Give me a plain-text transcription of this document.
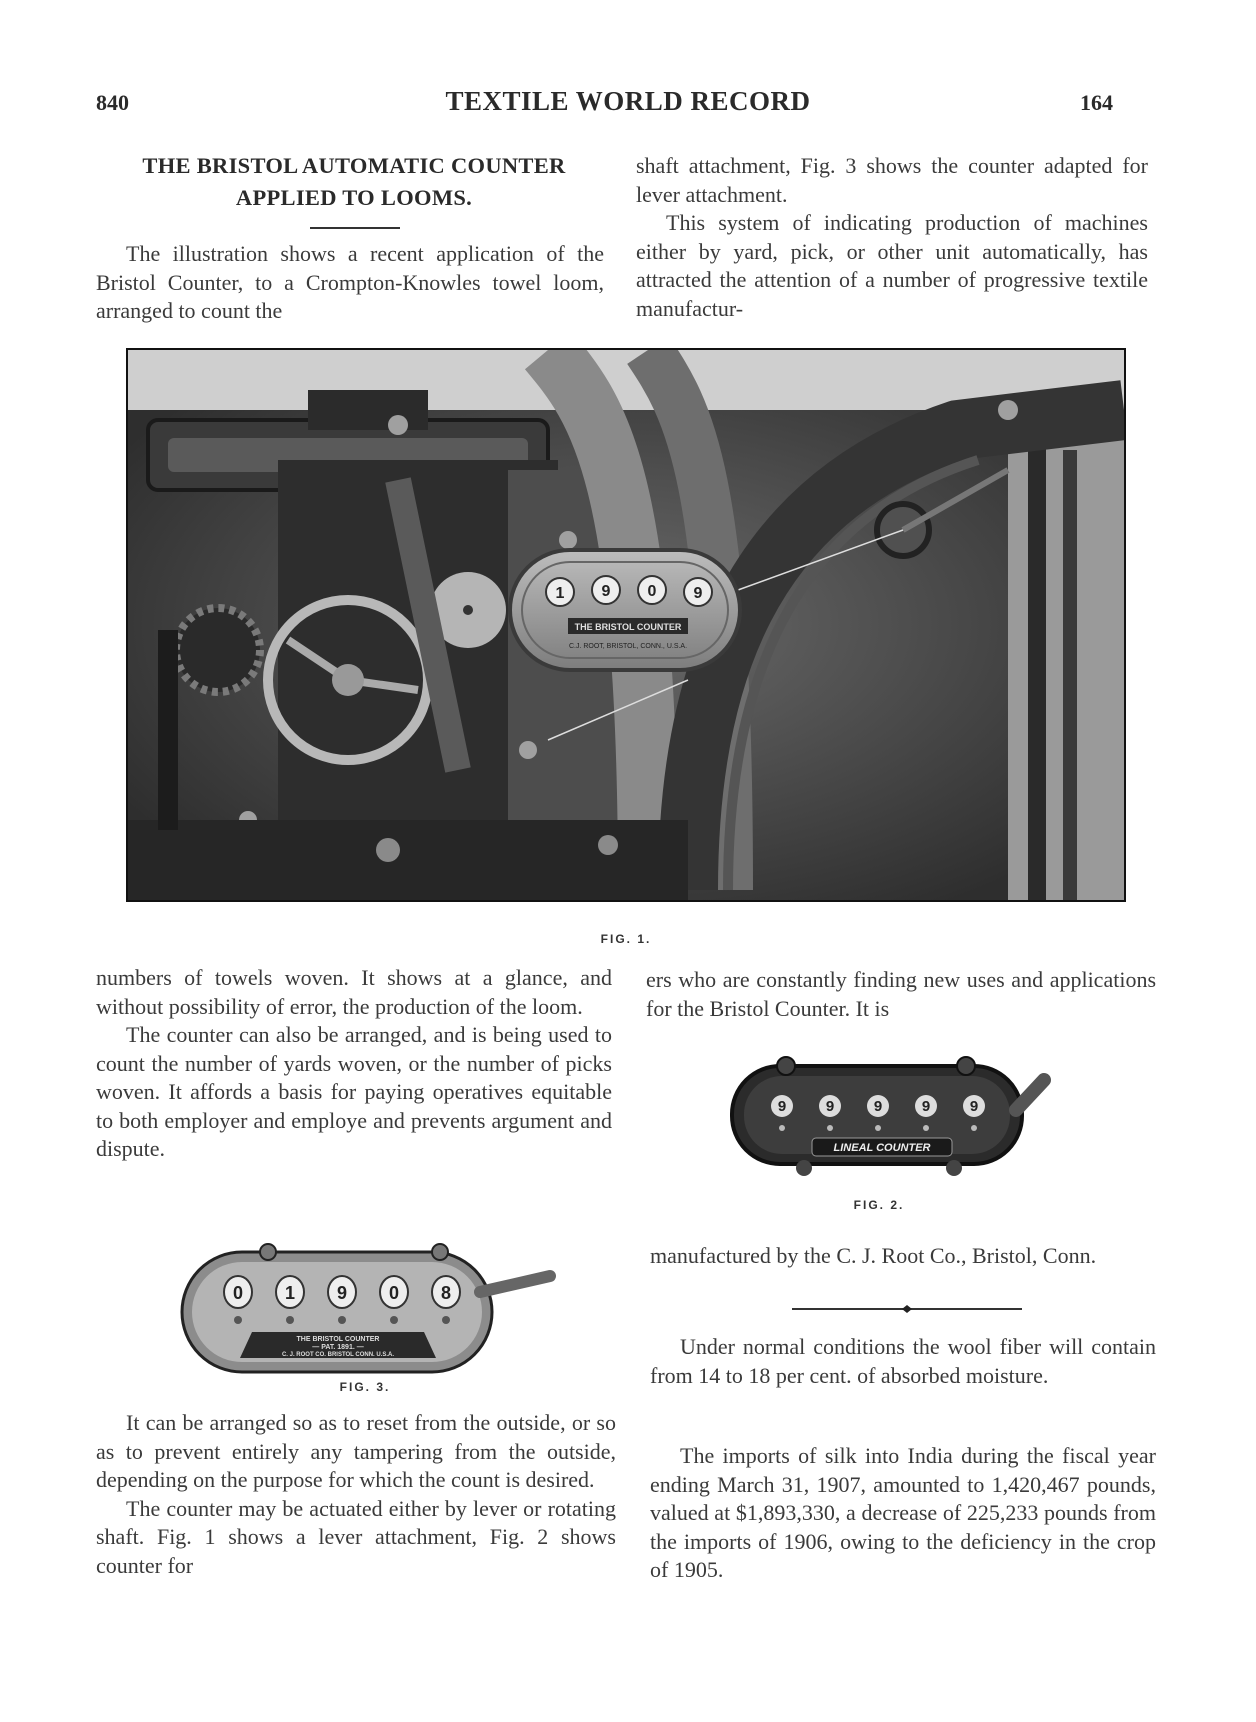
840	TEXTILE WORLD RECORD	164
THE BRISTOL AUTOMATIC COUNTER
APPLIED TO LOOMS.

The illustration shows a recent application of the Bristol Counter, to a Crompton-Knowles towel loom, arranged to count the

shaft attachment, Fig. 3 shows the counter adapted for lever attachment.

This system of indicating production of machines either by yard, pick, or other unit automatically, has attracted the attention of a number of progressive textile manufactur-

1 9 0 9
THE BRISTOL COUNTER
C.J. ROOT, BRISTOL, CONN., U.S.A.
FIG. 1.

numbers of towels woven. It shows at a glance, and without possibility of error, the production of the loom.

The counter can also be arranged, and is being used to count the number of yards woven, or the number of picks woven. It affords a basis for paying operatives equitable to both employer and employe and prevents argument and dispute.

ers who are constantly finding new uses and applications for the Bristol Counter. It is

9	9	9	9	9
LINEAL COUNTER
FIG. 2.

manufactured by the C. J. Root Co., Bristol, Conn.

Under normal conditions the wool fiber will contain from 14 to 18 per cent. of absorbed moisture.

The imports of silk into India during the fiscal year ending March 31, 1907, amounted to 1,420,467 pounds, valued at $1,893,330, a decrease of 225,233 pounds from the imports of 1906, owing to the deficiency in the crop of 1905.

0 1 9 0 8
THE BRISTOL COUNTER
— PAT. 1891. —
C. J. ROOT CO. BRISTOL CONN. U.S.A.
FIG. 3.

It can be arranged so as to reset from the outside, or so as to prevent entirely any tampering from the outside, depending on the purpose for which the count is desired.

The counter may be actuated either by lever or rotating shaft. Fig. 1 shows a lever attachment, Fig. 2 shows counter for
